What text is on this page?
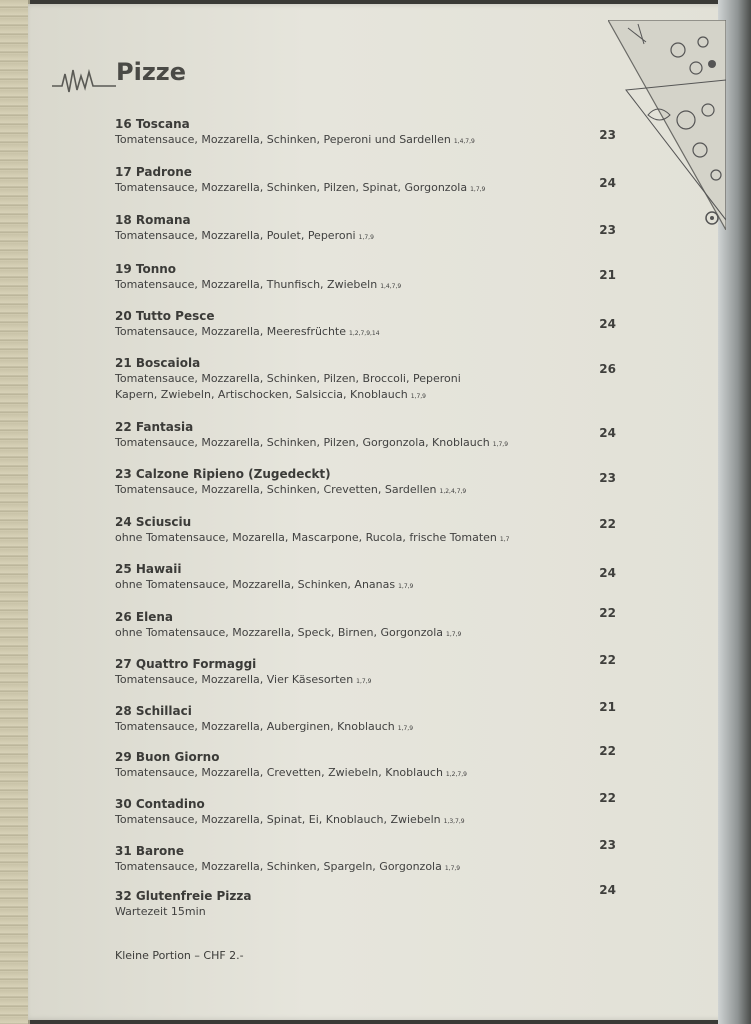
Pizze
16 Toscana
Tomatensauce, Mozzarella, Schinken, Peperoni und Sardellen 1,4,7,9	23
17 Padrone
Tomatensauce, Mozzarella, Schinken, Pilzen, Spinat, Gorgonzola 1,7,9	24
18 Romana
Tomatensauce, Mozzarella, Poulet, Peperoni 1,7,9
23
19 Tonno
Tomatensauce, Mozzarella, Thunfisch, Zwiebeln 1,4,7,9
21
20 Tutto Pesce
Tomatensauce, Mozzarella, Meeresfrüchte 1,2,7,9,14
24
21 Boscaiola
Tomatensauce, Mozzarella, Schinken, Pilzen, Broccoli, Peperoni
Kapern, Zwiebeln, Artischocken, Salsiccia, Knoblauch 1,7,9
26
22 Fantasia
Tomatensauce, Mozzarella, Schinken, Pilzen, Gorgonzola, Knoblauch 1,7,9
24
23 Calzone Ripieno (Zugedeckt)
Tomatensauce, Mozzarella, Schinken, Crevetten, Sardellen 1,2,4,7,9
23
24 Sciusciu
ohne Tomatensauce, Mozarella, Mascarpone, Rucola, frische Tomaten 1,7
22
25 Hawaii
ohne Tomatensauce, Mozzarella, Schinken, Ananas 1,7,9
24
26 Elena
ohne Tomatensauce, Mozzarella, Speck, Birnen, Gorgonzola 1,7,9
22
27 Quattro Formaggi
Tomatensauce, Mozzarella, Vier Käsesorten 1,7,9
22
28 Schillaci
Tomatensauce, Mozzarella, Auberginen, Knoblauch 1,7,9
21
29 Buon Giorno
Tomatensauce, Mozzarella, Crevetten, Zwiebeln, Knoblauch 1,2,7,9
22
30 Contadino
Tomatensauce, Mozzarella, Spinat, Ei, Knoblauch, Zwiebeln 1,3,7,9
22
31 Barone
Tomatensauce, Mozzarella, Schinken, Spargeln, Gorgonzola 1,7,9
23
32 Glutenfreie Pizza
Wartezeit 15min
24
Kleine Portion – CHF 2.-
